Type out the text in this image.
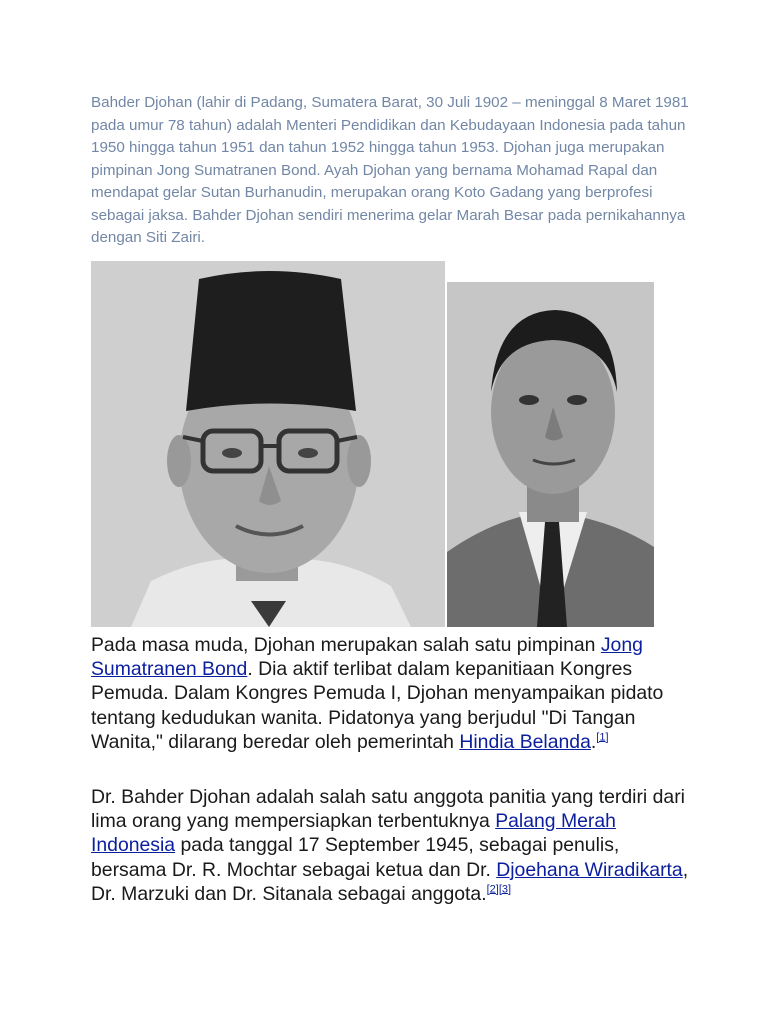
Bahder Djohan (lahir di Padang, Sumatera Barat, 30 Juli 1902 – meninggal 8 Maret 1981 pada umur 78 tahun) adalah Menteri Pendidikan dan Kebudayaan Indonesia pada tahun 1950 hingga tahun 1951 dan tahun 1952 hingga tahun 1953. Djohan juga merupakan pimpinan Jong Sumatranen Bond. Ayah Djohan yang bernama Mohamad Rapal dan mendapat gelar Sutan Burhanudin, merupakan orang Koto Gadang yang berprofesi sebagai jaksa. Bahder Djohan sendiri menerima gelar Marah Besar pada pernikahannya dengan Siti Zairi.

Pada masa muda, Djohan merupakan salah satu pimpinan Jong Sumatranen Bond. Dia aktif terlibat dalam kepanitiaan Kongres Pemuda. Dalam Kongres Pemuda I, Djohan menyampaikan pidato tentang kedudukan wanita. Pidatonya yang berjudul "Di Tangan Wanita," dilarang beredar oleh pemerintah Hindia Belanda.[1]

Dr. Bahder Djohan adalah salah satu anggota panitia yang terdiri dari lima orang yang mempersiapkan terbentuknya Palang Merah Indonesia pada tanggal 17 September 1945, sebagai penulis, bersama Dr. R. Mochtar sebagai ketua dan Dr. Djoehana Wiradikarta, Dr. Marzuki dan Dr. Sitanala sebagai anggota.[2][3]
